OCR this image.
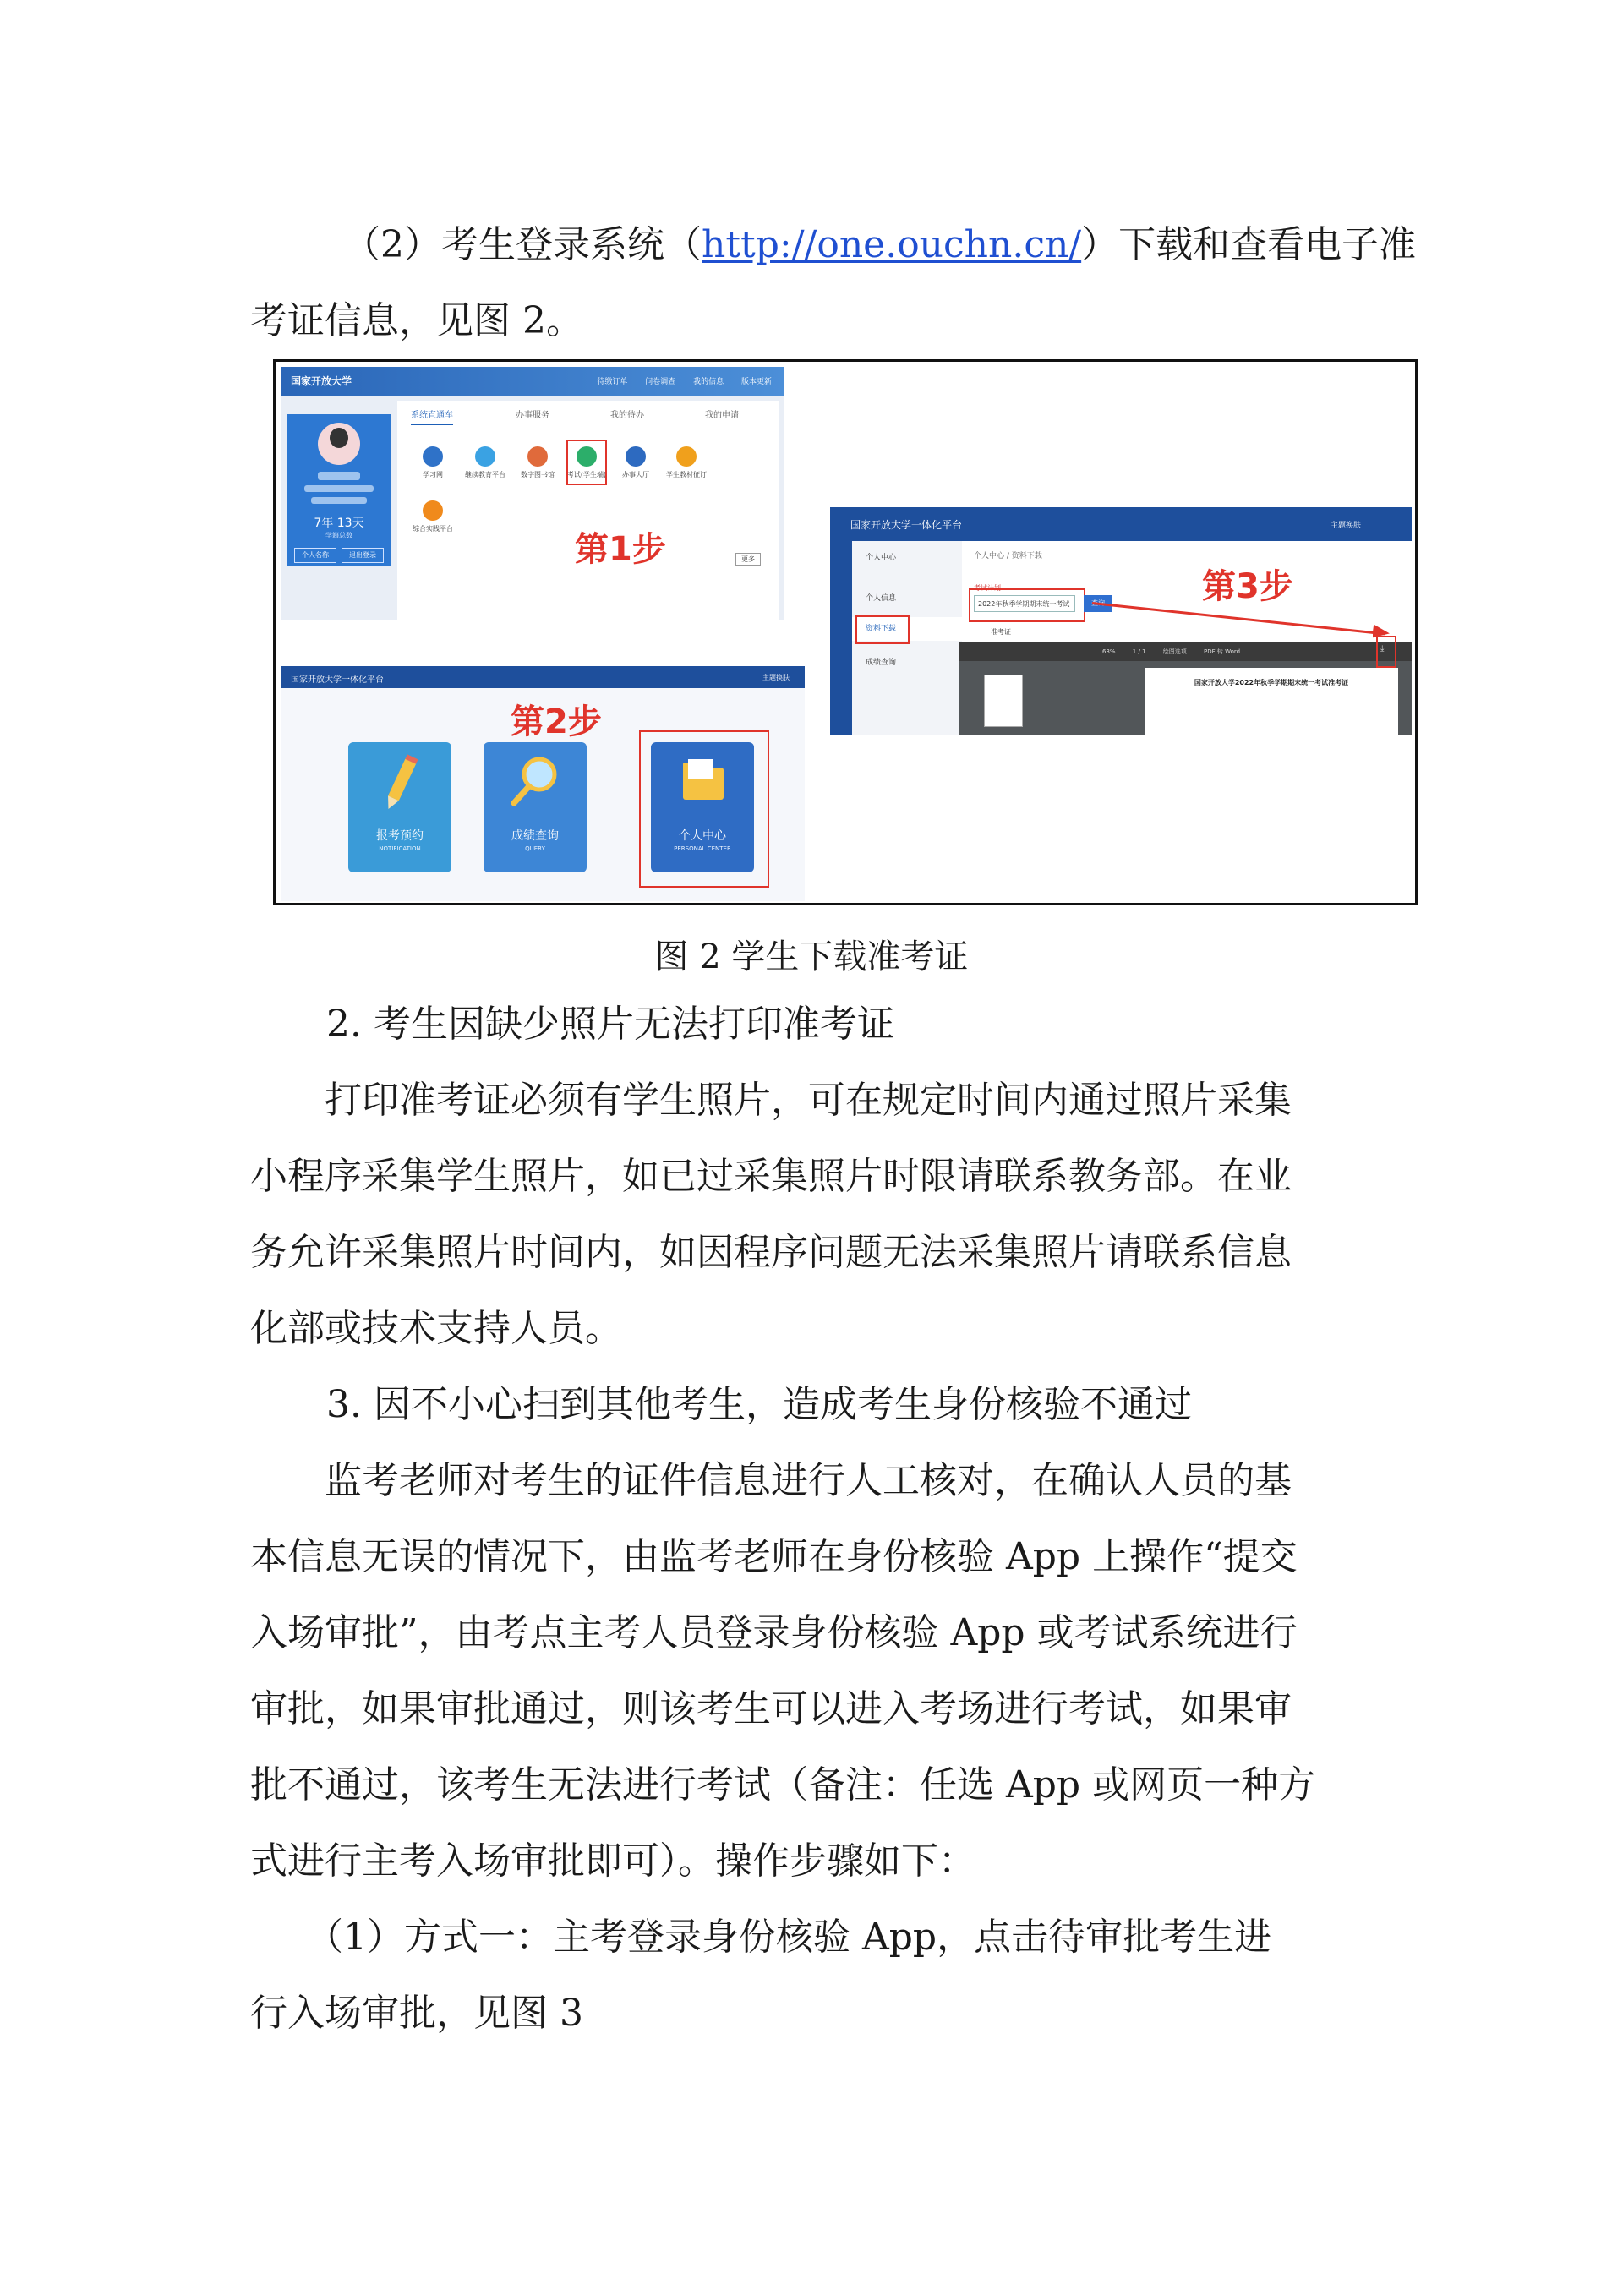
（2）考生登录系统（http://one.ouchn.cn/）下载和查看电子准
考证信息，见图 2。
国家开放大学	待缴订单 问卷调查 我的信息 版本更新
7年 13天
学籍总数
个人名称	退出登录
系统直通车	办事服务	我的待办	我的申请
学习网	继续教育平台	数字图书馆	考试(学生端)	办事大厅	学生教材征订
综合实践平台
第1步	更多
国家开放大学一体化平台	主题换肤
报考预约
NOTIFICATION
成绩查询
QUERY
个人中心
PERSONAL CENTER
第2步
国家开放大学一体化平台	主题换肤
个人中心
个人信息
资料下载
成绩查询
个人中心 / 资料下载
考试计划
2022年秋季学期期末统一考试
准考证
63%	1 / 1	绘图选项	PDF 转 Word
国家开放大学2022年秋季学期期末统一考试准考证
⤓
第3步
图 2 学生下载准考证
2. 考生因缺少照片无法打印准考证
　　打印准考证必须有学生照片，可在规定时间内通过照片采集
小程序采集学生照片，如已过采集照片时限请联系教务部。在业
务允许采集照片时间内，如因程序问题无法采集照片请联系信息
化部或技术支持人员。
3. 因不小心扫到其他考生，造成考生身份核验不通过
　　监考老师对考生的证件信息进行人工核对，在确认人员的基
本信息无误的情况下，由监考老师在身份核验 App 上操作“提交
入场审批”，由考点主考人员登录身份核验 App 或考试系统进行
审批，如果审批通过，则该考生可以进入考场进行考试，如果审
批不通过，该考生无法进行考试（备注：任选 App 或网页一种方
式进行主考入场审批即可）。操作步骤如下：
　　（1）方式一：主考登录身份核验 App，点击待审批考生进
行入场审批，见图 3
